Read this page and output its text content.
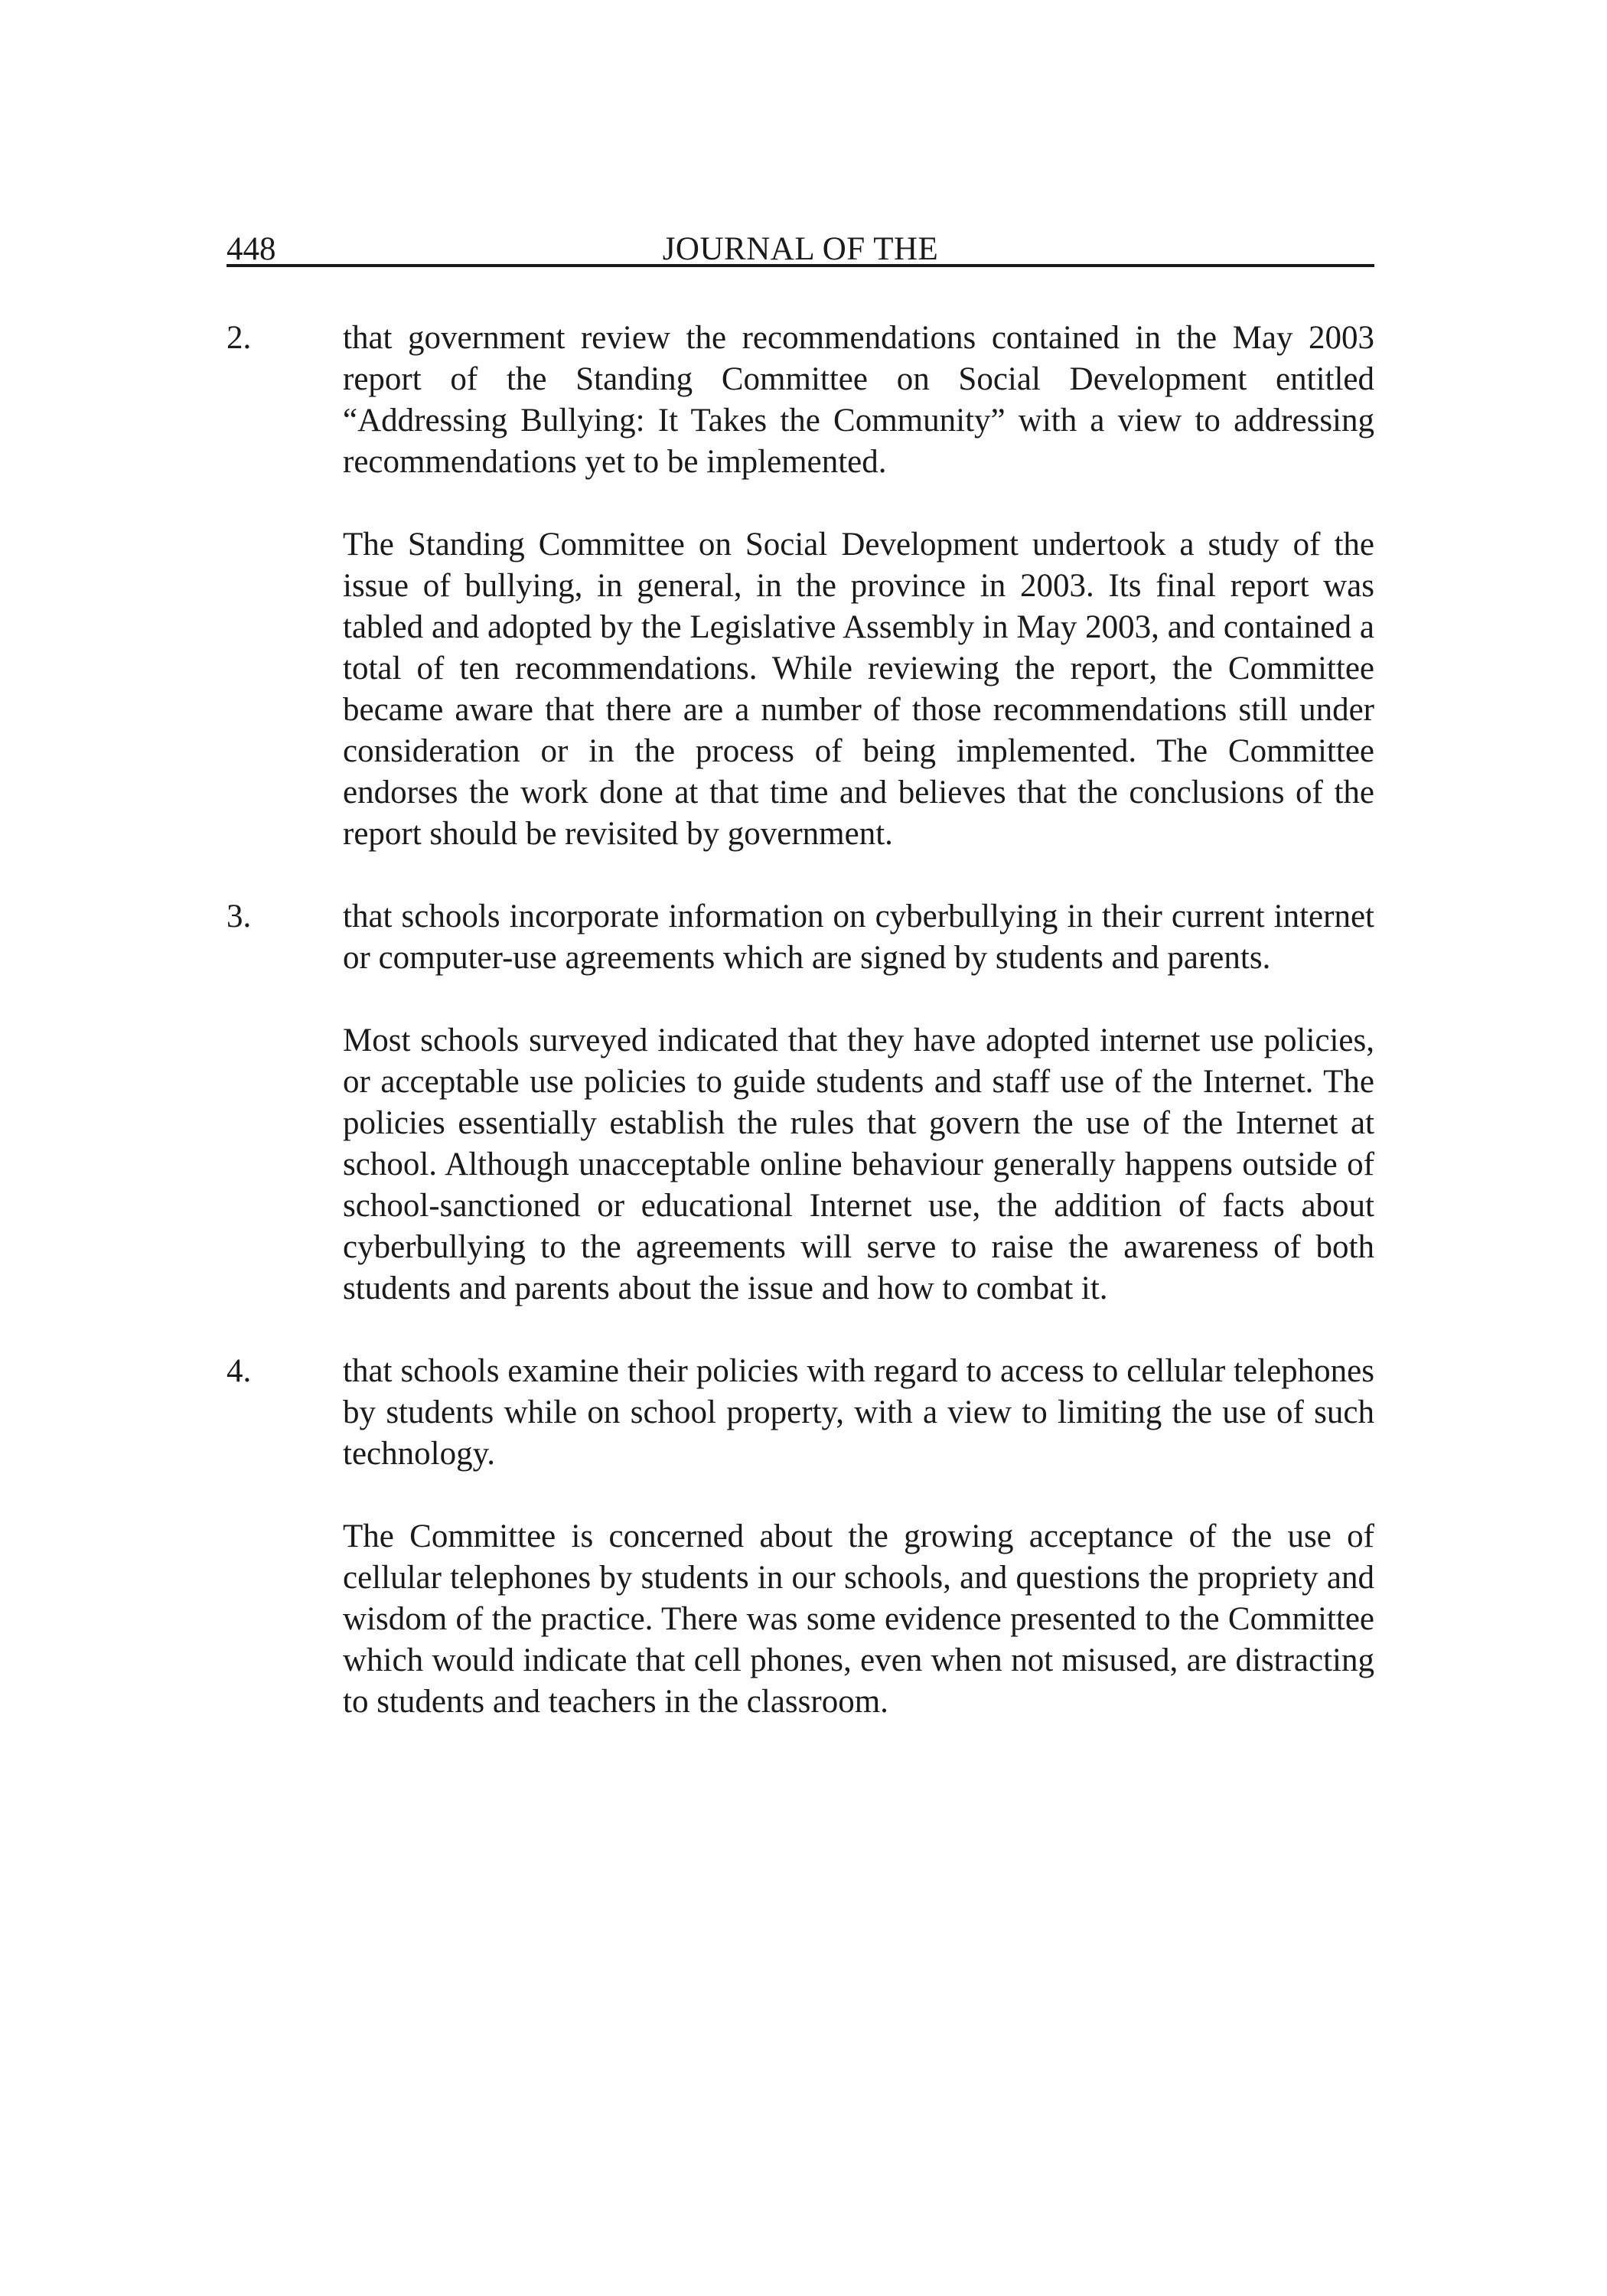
448	JOURNAL OF THE
2.	that government review the recommendations contained in the May 2003 report of the Standing Committee on Social Development entitled “Addressing Bullying: It Takes the Community” with a view to addressing recommendations yet to be implemented.

The Standing Committee on Social Development undertook a study of the issue of bullying, in general, in the province in 2003. Its final report was tabled and adopted by the Legislative Assembly in May 2003, and contained a total of ten recommendations. While reviewing the report, the Committee became aware that there are a number of those recommendations still under consideration or in the process of being implemented. The Committee endorses the work done at that time and believes that the conclusions of the report should be revisited by government.

3.	that schools incorporate information on cyberbullying in their current internet or computer-use agreements which are signed by students and parents.

Most schools surveyed indicated that they have adopted internet use policies, or acceptable use policies to guide students and staff use of the Internet. The policies essentially establish the rules that govern the use of the Internet at school. Although unacceptable online behaviour generally happens outside of school-sanctioned or educational Internet use, the addition of facts about cyberbullying to the agreements will serve to raise the awareness of both students and parents about the issue and how to combat it.

4.	that schools examine their policies with regard to access to cellular telephones by students while on school property, with a view to limiting the use of such technology.

The Committee is concerned about the growing acceptance of the use of cellular telephones by students in our schools, and questions the propriety and wisdom of the practice. There was some evidence presented to the Committee which would indicate that cell phones, even when not misused, are distracting to students and teachers in the classroom.
